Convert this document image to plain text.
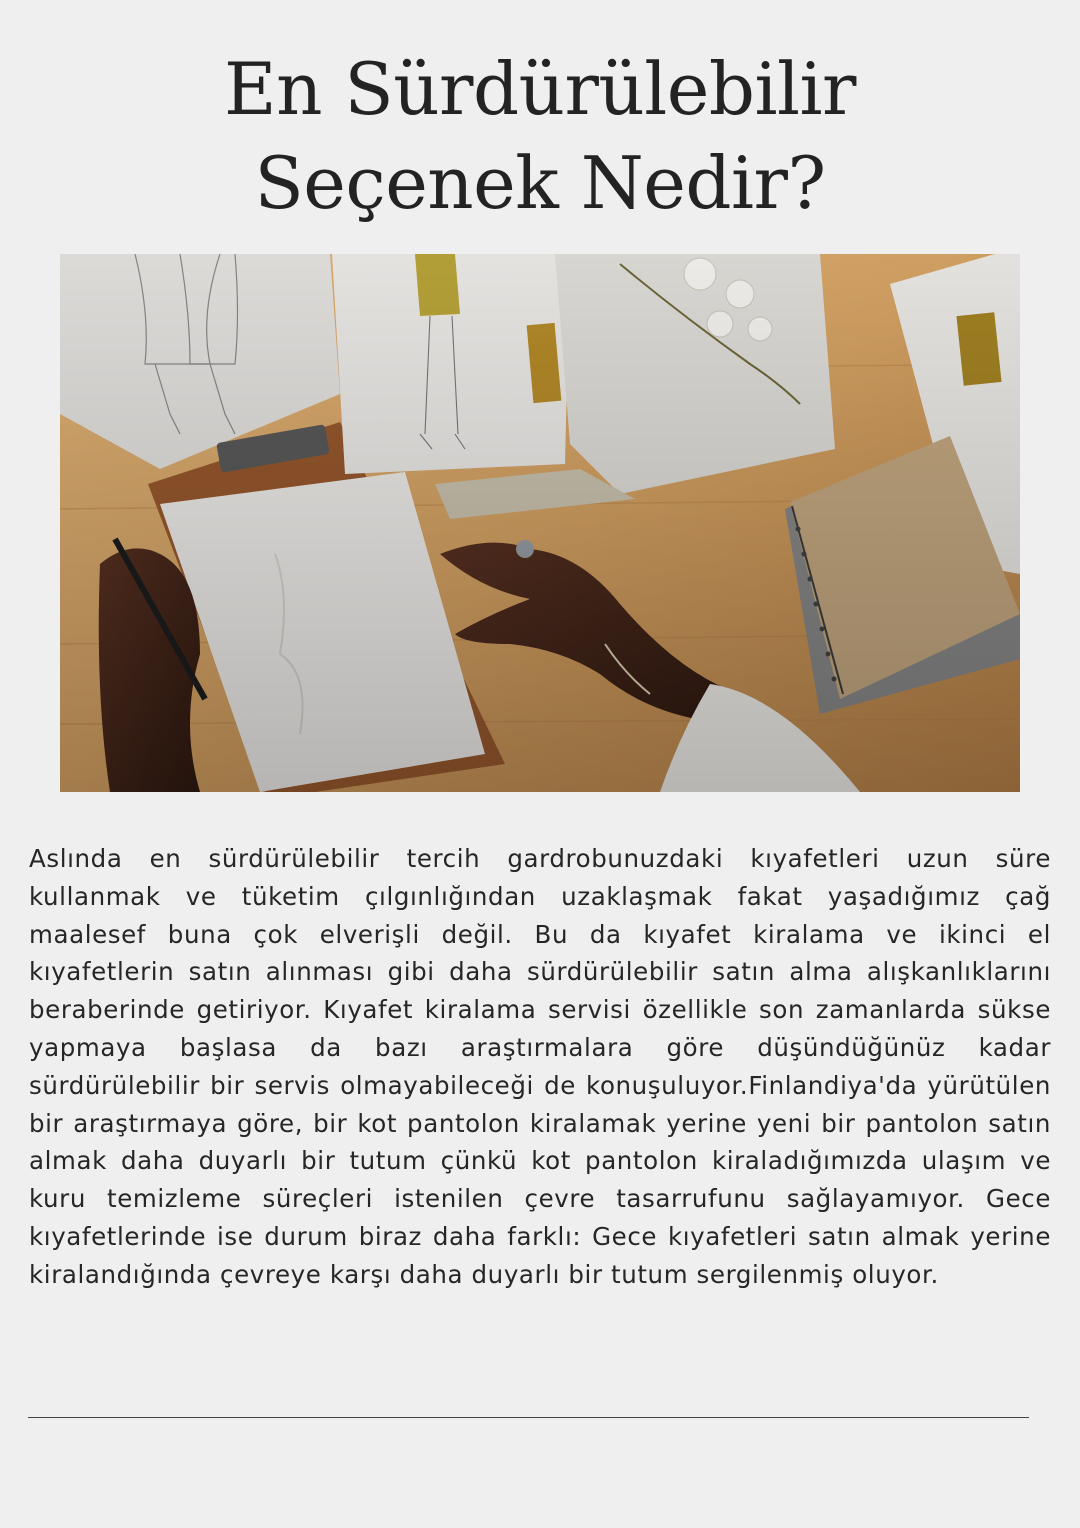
En Sürdürülebilir
Seçenek Nedir?

Aslında en sürdürülebilir tercih gardrobunuzdaki kıyafetleri uzun süre kullanmak ve tüketim çılgınlığından uzaklaşmak fakat yaşadığımız çağ maalesef buna çok elverişli değil. Bu da kıyafet kiralama ve ikinci el kıyafetlerin satın alınması gibi daha sürdürülebilir satın alma alışkanlıklarını beraberinde getiriyor. Kıyafet kiralama servisi özellikle son zamanlarda sükse yapmaya başlasa da bazı araştırmalara göre düşündüğünüz kadar sürdürülebilir bir servis olmayabileceği de konuşuluyor.Finlandiya'da yürütülen bir araştırmaya göre, bir kot pantolon kiralamak yerine yeni bir pantolon satın almak daha duyarlı bir tutum çünkü kot pantolon kiraladığımızda ulaşım ve kuru temizleme süreçleri istenilen çevre tasarrufunu sağlayamıyor. Gece kıyafetlerinde ise durum biraz daha farklı: Gece kıyafetleri satın almak yerine kiralandığında çevreye karşı daha duyarlı bir tutum sergilenmiş oluyor.
